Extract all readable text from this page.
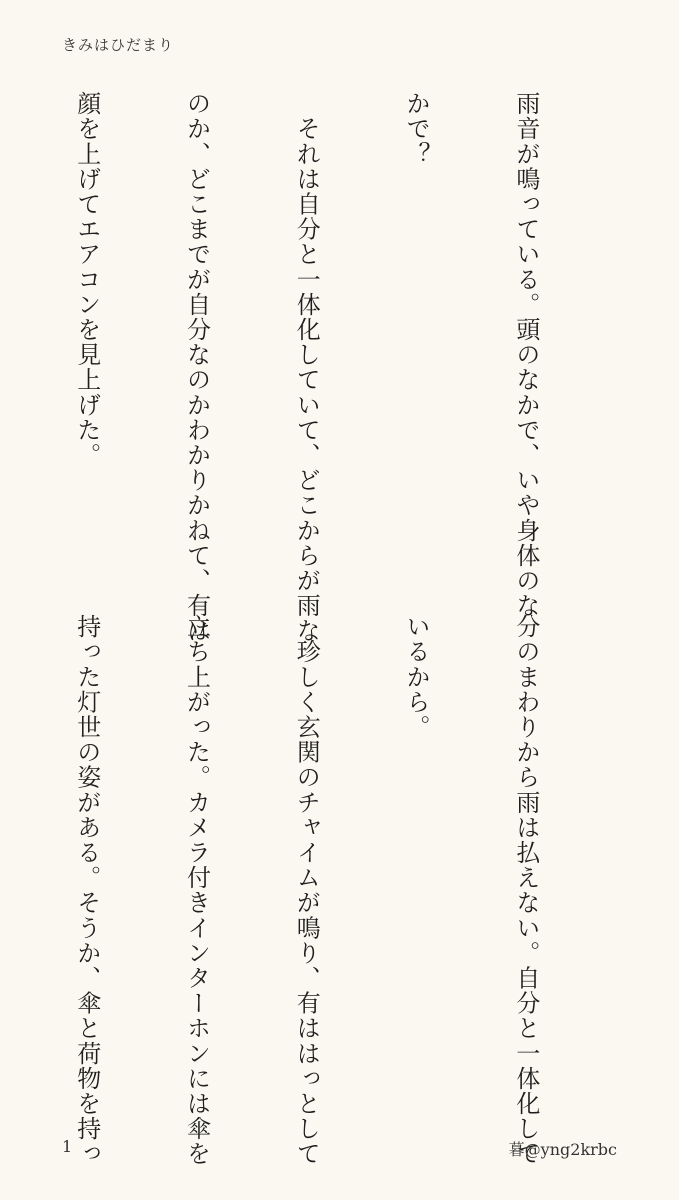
きみはひだまり

雨音が鳴っている。頭のなかで、いや身体のな

かで？

　それは自分と一体化していて、どこからが雨な

のか、どこまでが自分なのかわかりかねて、有は

顔を上げてエアコンを見上げた。

分のまわりから雨は払えない。自分と一体化して

いるから。

　珍しく玄関のチャイムが鳴り、有ははっとして

立ち上がった。カメラ付きインターホンには傘を

持った灯世の姿がある。そうか、傘と荷物を持っ

1	暮@yng2krbc
